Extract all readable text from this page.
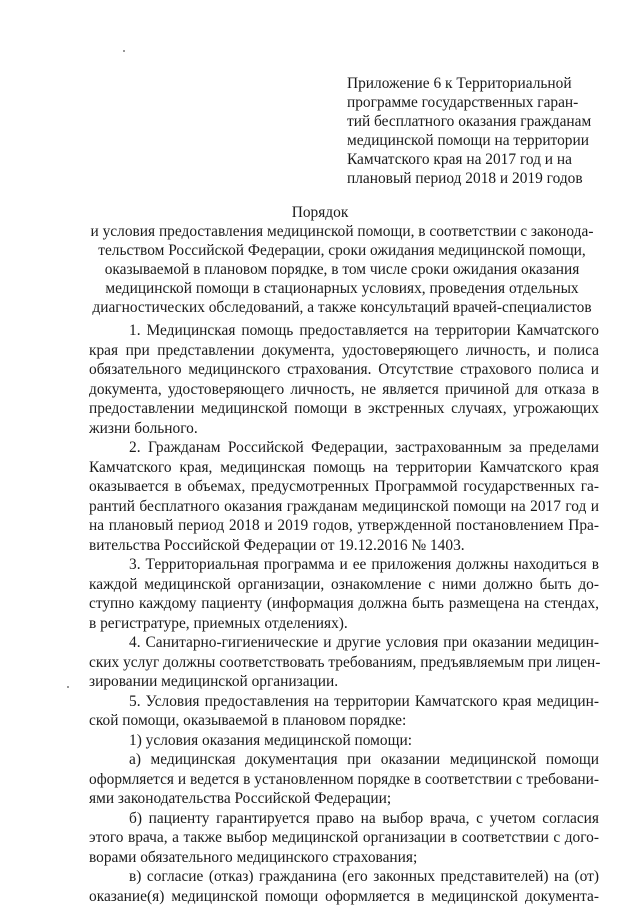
Приложение 6 к Территориальной
программе государственных гаран-
тий бесплатного оказания гражданам
медицинской помощи на территории
Камчатского края на 2017 год и на
плановый период 2018 и 2019 годов
Порядок
и условия предоставления медицинской помощи, в соответствии с законода-
тельством Российской Федерации, сроки ожидания медицинской помощи,
оказываемой в плановом порядке, в том числе сроки ожидания оказания
медицинской помощи в стационарных условиях, проведения отдельных
диагностических обследований, а также консультаций врачей-специалистов
1. Медицинская помощь предоставляется на территории Камчатского
края при представлении документа, удостоверяющего личность, и полиса
обязательного медицинского страхования. Отсутствие страхового полиса и
документа, удостоверяющего личность, не является причиной для отказа в
предоставлении медицинской помощи в экстренных случаях, угрожающих
жизни больного.
2. Гражданам Российской Федерации, застрахованным за пределами
Камчатского края, медицинская помощь на территории Камчатского края
оказывается в объемах, предусмотренных Программой государственных га-
рантий бесплатного оказания гражданам медицинской помощи на 2017 год и
на плановый период 2018 и 2019 годов, утвержденной постановлением Пра-
вительства Российской Федерации от 19.12.2016 № 1403.
3. Территориальная программа и ее приложения должны находиться в
каждой медицинской организации, ознакомление с ними должно быть до-
ступно каждому пациенту (информация должна быть размещена на стендах,
в регистратуре, приемных отделениях).
4. Санитарно-гигиенические и другие условия при оказании медицин-
ских услуг должны соответствовать требованиям, предъявляемым при лицен-
зировании медицинской организации.
5. Условия предоставления на территории Камчатского края медицин-
ской помощи, оказываемой в плановом порядке:
1) условия оказания медицинской помощи:
а) медицинская документация при оказании медицинской помощи
оформляется и ведется в установленном порядке в соответствии с требовани-
ями законодательства Российской Федерации;
б) пациенту гарантируется право на выбор врача, с учетом согласия
этого врача, а также выбор медицинской организации в соответствии с дого-
ворами обязательного медицинского страхования;
в) согласие (отказ) гражданина (его законных представителей) на (от)
оказание(я) медицинской помощи оформляется в медицинской документа-
